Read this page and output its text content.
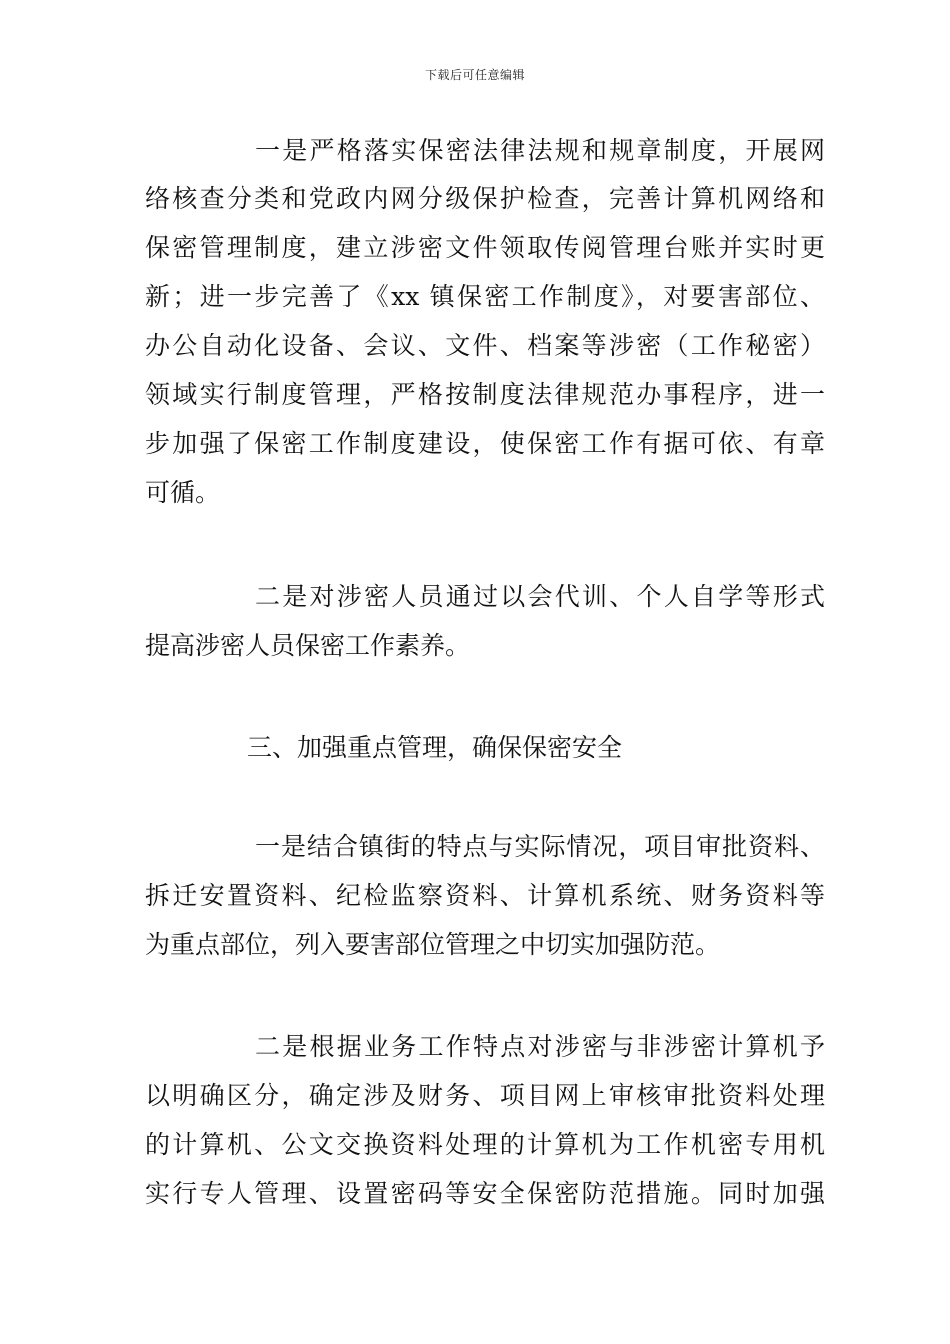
下载后可任意编辑
一是严格落实保密法律法规和规章制度，开展网
络核查分类和党政内网分级保护检查，完善计算机网络和
保密管理制度，建立涉密文件领取传阅管理台账并实时更
新；进一步完善了《xx 镇保密工作制度》，对要害部位、
办公自动化设备、会议、文件、档案等涉密（工作秘密）
领域实行制度管理，严格按制度法律规范办事程序，进一
步加强了保密工作制度建设，使保密工作有据可依、有章
可循。
二是对涉密人员通过以会代训、个人自学等形式
提高涉密人员保密工作素养。
三、加强重点管理，确保保密安全
一是结合镇街的特点与实际情况，项目审批资料、
拆迁安置资料、纪检监察资料、计算机系统、财务资料等
为重点部位，列入要害部位管理之中切实加强防范。
二是根据业务工作特点对涉密与非涉密计算机予
以明确区分，确定涉及财务、项目网上审核审批资料处理
的计算机、公文交换资料处理的计算机为工作机密专用机
实行专人管理、设置密码等安全保密防范措施。同时加强
